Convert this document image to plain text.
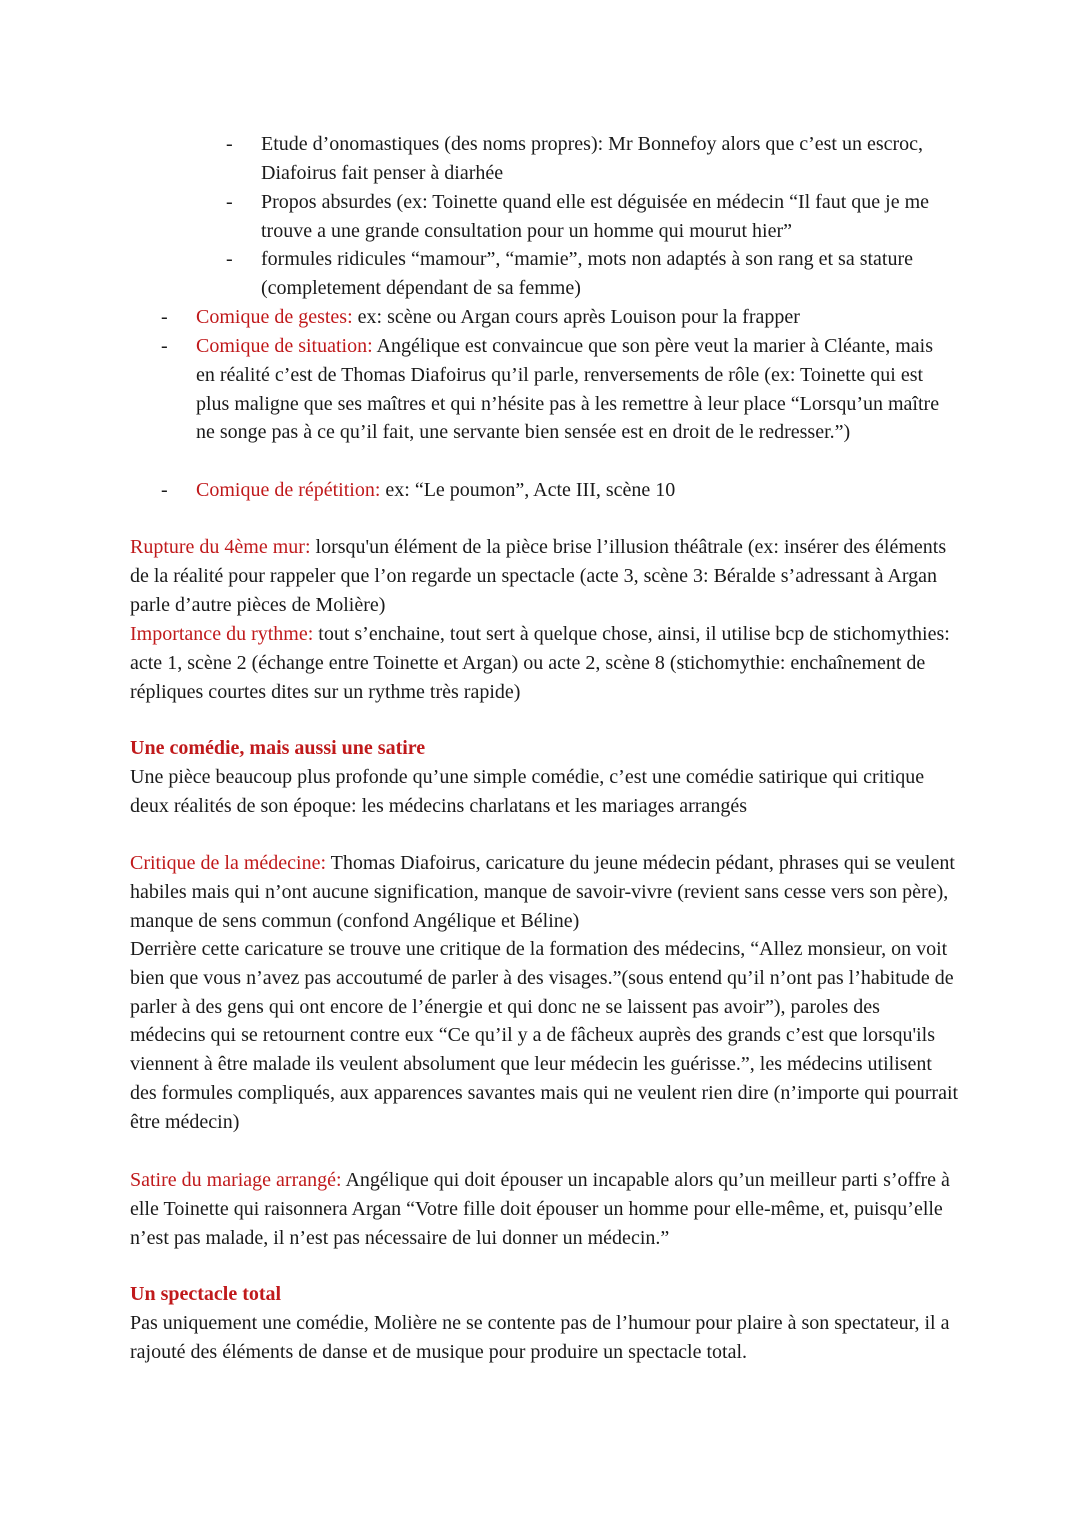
-	Etude d’onomastiques (des noms propres): Mr Bonnefoy alors que c’est un escroc, Diafoirus fait penser à diarhée
-	Propos absurdes (ex: Toinette quand elle est déguisée en médecin “Il faut que je me trouve a une grande consultation pour un homme qui mourut hier”
-	formules ridicules “mamour”, “mamie”, mots non adaptés à son rang et sa stature (completement dépendant de sa femme)
-	Comique de gestes: ex: scène ou Argan cours après Louison pour la frapper
-	Comique de situation: Angélique est convaincue que son père veut la marier à Cléante, mais en réalité c’est de Thomas Diafoirus qu’il parle, renversements de rôle (ex: Toinette qui est plus maligne que ses maîtres et qui n’hésite pas à les remettre à leur place “Lorsqu’un maître ne songe pas à ce qu’il fait, une servante bien sensée est en droit de le redresser.”)
-	Comique de répétition: ex: “Le poumon”, Acte III, scène 10
Rupture du 4ème mur: lorsqu'un élément de la pièce brise l’illusion théâtrale (ex: insérer des éléments de la réalité pour rappeler que l’on regarde un spectacle (acte 3, scène 3: Béralde s’adressant à Argan parle d’autre pièces de Molière)
Importance du rythme: tout s’enchaine, tout sert à quelque chose, ainsi, il utilise bcp de stichomythies: acte 1, scène 2 (échange entre Toinette et Argan) ou acte 2, scène 8 (stichomythie: enchaînement de répliques courtes dites sur un rythme très rapide)
Une comédie, mais aussi une satire
Une pièce beaucoup plus profonde qu’une simple comédie, c’est une comédie satirique qui critique deux réalités de son époque: les médecins charlatans et les mariages arrangés
Critique de la médecine: Thomas Diafoirus, caricature du jeune médecin pédant, phrases qui se veulent habiles mais qui n’ont aucune signification, manque de savoir-vivre (revient sans cesse vers son père), manque de sens commun (confond Angélique et Béline)
Derrière cette caricature se trouve une critique de la formation des médecins, “Allez monsieur, on voit bien que vous n’avez pas accoutumé de parler à des visages.”(sous entend qu’il n’ont pas l’habitude de parler à des gens qui ont encore de l’énergie et qui donc ne se laissent pas avoir”), paroles des médecins qui se retournent contre eux “Ce qu’il y a de fâcheux auprès des grands c’est que lorsqu'ils viennent à être malade ils veulent absolument que leur médecin les guérisse.”, les médecins utilisent des formules compliqués, aux apparences savantes mais qui ne veulent rien dire (n’importe qui pourrait être médecin)
Satire du mariage arrangé: Angélique qui doit épouser un incapable alors qu’un meilleur parti s’offre à elle Toinette qui raisonnera Argan “Votre fille doit épouser un homme pour elle-même, et, puisqu’elle n’est pas malade, il n’est pas nécessaire de lui donner un médecin.”
Un spectacle total
Pas uniquement une comédie, Molière ne se contente pas de l’humour pour plaire à son spectateur, il a rajouté des éléments de danse et de musique pour produire un spectacle total.
